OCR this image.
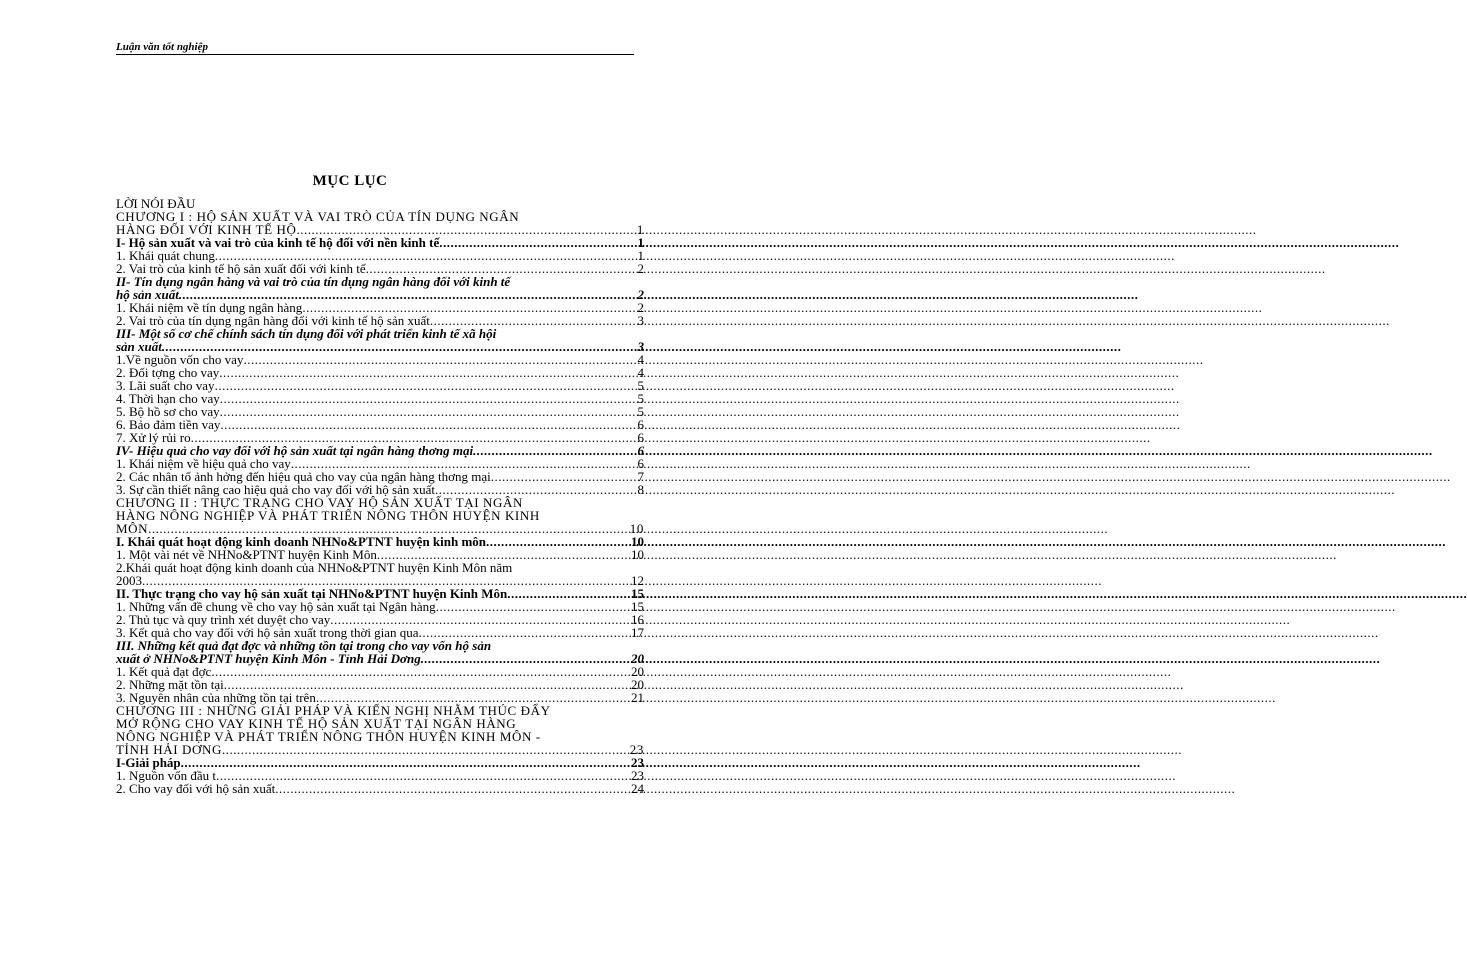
Luận văn tốt nghiệp
MỤC LỤC
LỜI NÓI ĐẦU
CHƯƠNG I : HỘ SẢN XUẤT VÀ VAI TRÒ CỦA TÍN DỤNG NGÂN
HÀNG ĐỐI VỚI KINH TẾ HỘ .....	1
I- Hộ sản xuất và vai trò của kinh tế hộ đối với nền kinh tế .....	1
1. Khái quát chung .....	1
2. Vai trò của kinh tế hộ sản xuất đối với kinh tế .....	2
II- Tín dụng ngân hàng và vai trò của tín dụng ngân hàng đối với kinh tế
hộ sản xuất .....	2
1. Khái niệm về tín dụng ngân hàng .....	2
2. Vai trò của tín dụng ngân hàng đối với kinh tế hộ sản xuất .....	3
III- Một số cơ chế chính sách tín dụng đối với phát triển kinh tế xã hội
sản xuất .....	3
1.Về nguồn vốn cho vay .....	4
2. Đối tợng cho vay .....	4
3. Lãi suất cho vay .....	5
4. Thời hạn cho vay .....	5
5. Bộ hồ sơ cho vay .....	5
6. Bảo đảm tiền vay .....	6
7. Xử lý rủi ro .....	6
IV- Hiệu quả cho vay đối với hộ sản xuất tại ngân hàng thơng mại .....	6
1. Khái niệm về hiệu quả cho vay .....	6
2. Các nhân tố ảnh hởng đến hiệu quả cho vay của ngân hàng thơng mại .....	7
3. Sự cần thiết nâng cao hiệu quả cho vay đối với hộ sản xuất .....	8
CHƯƠNG II : THỰC TRẠNG CHO VAY HỘ SẢN XUẤT TẠI NGÂN
HÀNG NÔNG NGHIỆP VÀ PHÁT TRIỂN NÔNG THÔN HUYỆN KINH
MÔN .....	10
I. Khái quát hoạt động kinh doanh NHNo&PTNT huyện kinh môn .....	10
1. Một vài nét về NHNo&PTNT huyện Kinh Môn .....	10
2.Khái quát hoạt động kinh doanh của NHNo&PTNT huyện Kinh Môn năm
2003 .....	12
II. Thực trạng cho vay hộ sản xuất tại NHNo&PTNT huyện Kinh Môn .....	15
1. Những vấn đề chung về cho vay hộ sản xuất tại Ngân hàng .....	15
2. Thủ tục và quy trình xét duyệt cho vay .....	16
3. Kết quả cho vay đối với hộ sản xuất trong thời gian qua .....	17
III. Những kết quả đạt đợc và những tồn tại trong cho vay vốn hộ sản
xuất ở NHNo&PTNT huyện Kinh Môn - Tỉnh Hải Dơng .....	20
1. Kết quả đạt đợc .....	20
2. Những mặt tồn tại .....	20
3. Nguyên nhân của những tồn tại trên .....	21
CHƯƠNG III : NHỮNG GIẢI PHÁP VÀ KIẾN NGHỊ NHẰM THÚC ĐẨY
MỞ RỘNG CHO VAY KINH TẾ HỘ SẢN XUẤT TẠI NGÂN HÀNG
NÔNG NGHIỆP VÀ PHÁT TRIỂN NÔNG THÔN HUYỆN KINH MÔN -
TỈNH HẢI DƠNG .....	23
I-Giải pháp .....	23
1. Nguồn vốn đầu t .....	23
2. Cho vay đối với hộ sản xuất .....	24
